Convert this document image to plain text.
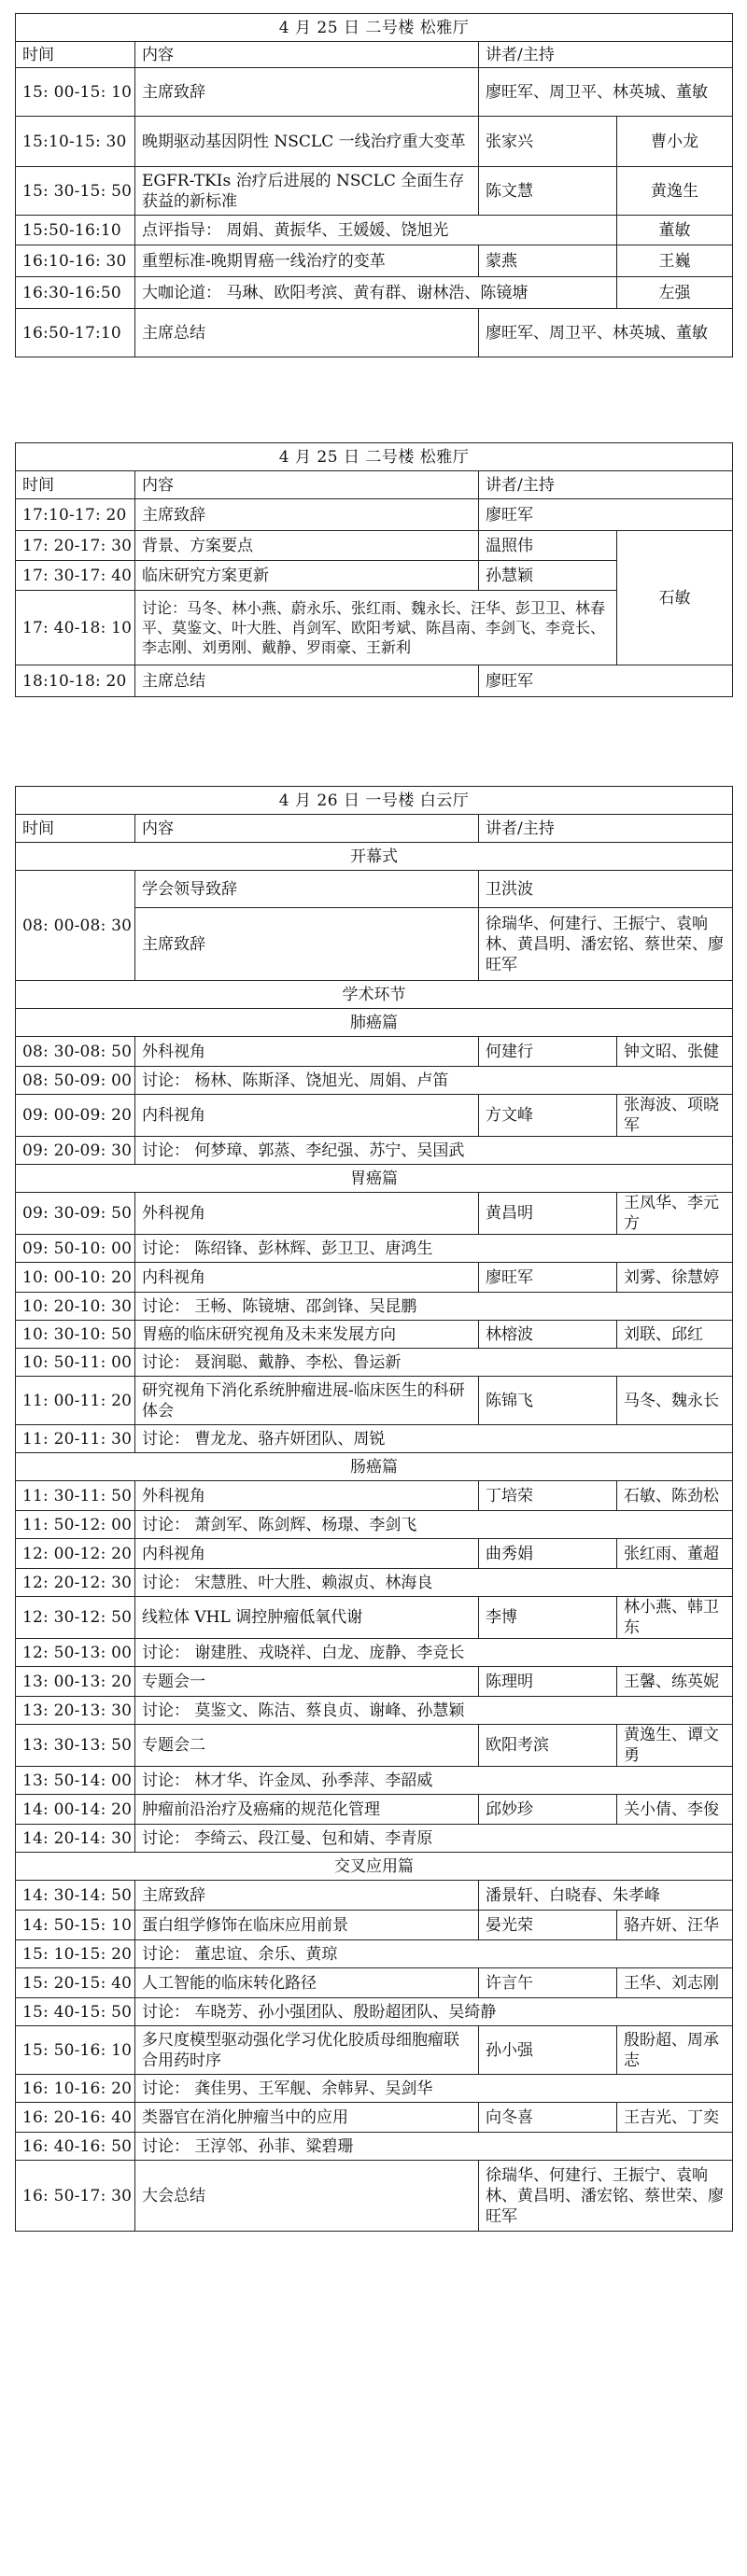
4 月 25 日 二号楼 松雅厅			
时间	内容	讲者/主持	
15: 00-15: 10	主席致辞	廖旺军、周卫平、林英城、董敏	
15:10-15: 30	晚期驱动基因阴性 NSCLC 一线治疗重大变革	张家兴	曹小龙
15: 30-15: 50	EGFR-TKIs 治疗后进展的 NSCLC 全面生存获益的新标准	陈文慧	黄逸生
15:50-16:10	点评指导： 周娟、黄振华、王媛媛、饶旭光		董敏
16:10-16: 30	重塑标准-晚期胃癌一线治疗的变革	蒙燕	王巍
16:30-16:50	大咖论道： 马琳、欧阳考滨、黄有群、谢林浩、陈镜塘		左强
16:50-17:10	主席总结	廖旺军、周卫平、林英城、董敏	
4 月 25 日 二号楼 松雅厅			
时间	内容	讲者/主持	
17:10-17: 20	主席致辞	廖旺军	
17: 20-17: 30	背景、方案要点	温照伟	石敏
17: 30-17: 40	临床研究方案更新	孙慧颖	
17: 40-18: 10	讨论：马冬、林小燕、蔚永乐、张红雨、魏永长、汪华、彭卫卫、林春平、莫鉴文、叶大胜、肖剑军、欧阳考斌、陈昌南、李剑飞、李竞长、李志刚、刘勇刚、戴静、罗雨豪、王新利		
18:10-18: 20	主席总结	廖旺军	
4 月 26 日 一号楼 白云厅			
时间	内容	讲者/主持	
开幕式			
08: 00-08: 30	学会领导致辞	卫洪波	
	主席致辞	徐瑞华、何建行、王振宁、袁响林、黄昌明、潘宏铭、蔡世荣、廖旺军	
学术环节			
肺癌篇			
08: 30-08: 50	外科视角	何建行	钟文昭、张健
08: 50-09: 00	讨论： 杨林、陈斯泽、饶旭光、周娟、卢笛		
09: 00-09: 20	内科视角	方文峰	张海波、项晓军
09: 20-09: 30	讨论： 何梦璋、郭蒸、李纪强、苏宁、吴国武		
胃癌篇			
09: 30-09: 50	外科视角	黄昌明	王凤华、李元方
09: 50-10: 00	讨论： 陈绍锋、彭林辉、彭卫卫、唐鸿生		
10: 00-10: 20	内科视角	廖旺军	刘雾、徐慧婷
10: 20-10: 30	讨论： 王畅、陈镜塘、邵剑锋、吴昆鹏		
10: 30-10: 50	胃癌的临床研究视角及未来发展方向	林榕波	刘联、邱红
10: 50-11: 00	讨论： 聂润聪、戴静、李松、鲁运新		
11: 00-11: 20	研究视角下消化系统肿瘤进展-临床医生的科研体会	陈锦飞	马冬、魏永长
11: 20-11: 30	讨论： 曹龙龙、骆卉妍团队、周锐		
肠癌篇			
11: 30-11: 50	外科视角	丁培荣	石敏、陈劲松
11: 50-12: 00	讨论： 萧剑军、陈剑辉、杨璟、李剑飞		
12: 00-12: 20	内科视角	曲秀娟	张红雨、董超
12: 20-12: 30	讨论： 宋慧胜、叶大胜、赖淑贞、林海良		
12: 30-12: 50	线粒体 VHL 调控肿瘤低氧代谢	李博	林小燕、韩卫东
12: 50-13: 00	讨论： 谢建胜、戎晓祥、白龙、庞静、李竞长		
13: 00-13: 20	专题会一	陈理明	王馨、练英妮
13: 20-13: 30	讨论： 莫鉴文、陈洁、蔡良贞、谢峰、孙慧颖		
13: 30-13: 50	专题会二	欧阳考滨	黄逸生、谭文勇
13: 50-14: 00	讨论： 林才华、许金凤、孙季萍、李韶威		
14: 00-14: 20	肿瘤前沿治疗及癌痛的规范化管理	邱妙珍	关小倩、李俊
14: 20-14: 30	讨论： 李绮云、段江曼、包和婧、李青原		
交叉应用篇			
14: 30-14: 50	主席致辞	潘景轩、白晓春、朱孝峰	
14: 50-15: 10	蛋白组学修饰在临床应用前景	晏光荣	骆卉妍、汪华
15: 10-15: 20	讨论： 董忠谊、余乐、黄琼		
15: 20-15: 40	人工智能的临床转化路径	许言午	王华、刘志刚
15: 40-15: 50	讨论： 车晓芳、孙小强团队、殷盼超团队、吴绮静		
15: 50-16: 10	多尺度模型驱动强化学习优化胶质母细胞瘤联合用药时序	孙小强	殷盼超、周承志
16: 10-16: 20	讨论： 龚佳男、王军舰、余韩昇、吴剑华		
16: 20-16: 40	类器官在消化肿瘤当中的应用	向冬喜	王吉光、丁奕
16: 40-16: 50	讨论： 王淳邻、孙菲、粱碧珊		
16: 50-17: 30	大会总结	徐瑞华、何建行、王振宁、袁响林、黄昌明、潘宏铭、蔡世荣、廖旺军	
